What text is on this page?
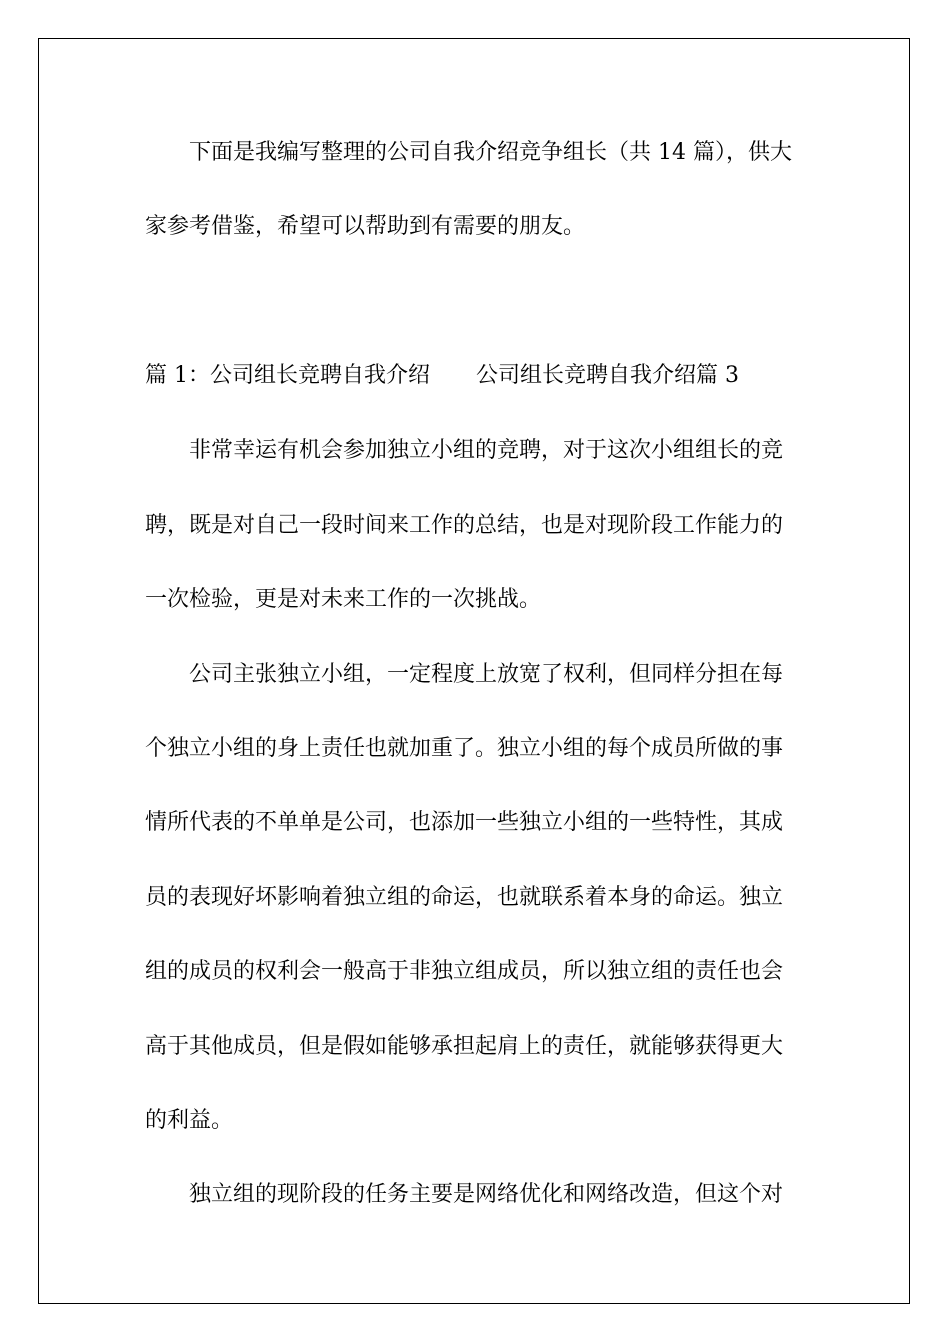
下面是我编写整理的公司自我介绍竞争组长（共 14 篇），供大
家参考借鉴，希望可以帮助到有需要的朋友。
篇 1：公司组长竞聘自我介绍 公司组长竞聘自我介绍篇 3
非常幸运有机会参加独立小组的竞聘，对于这次小组组长的竞
聘，既是对自己一段时间来工作的总结，也是对现阶段工作能力的
一次检验，更是对未来工作的一次挑战。
公司主张独立小组，一定程度上放宽了权利，但同样分担在每
个独立小组的身上责任也就加重了。独立小组的每个成员所做的事
情所代表的不单单是公司，也添加一些独立小组的一些特性，其成
员的表现好坏影响着独立组的命运，也就联系着本身的命运。独立
组的成员的权利会一般高于非独立组成员，所以独立组的责任也会
高于其他成员，但是假如能够承担起肩上的责任，就能够获得更大
的利益。
独立组的现阶段的任务主要是网络优化和网络改造，但这个对
